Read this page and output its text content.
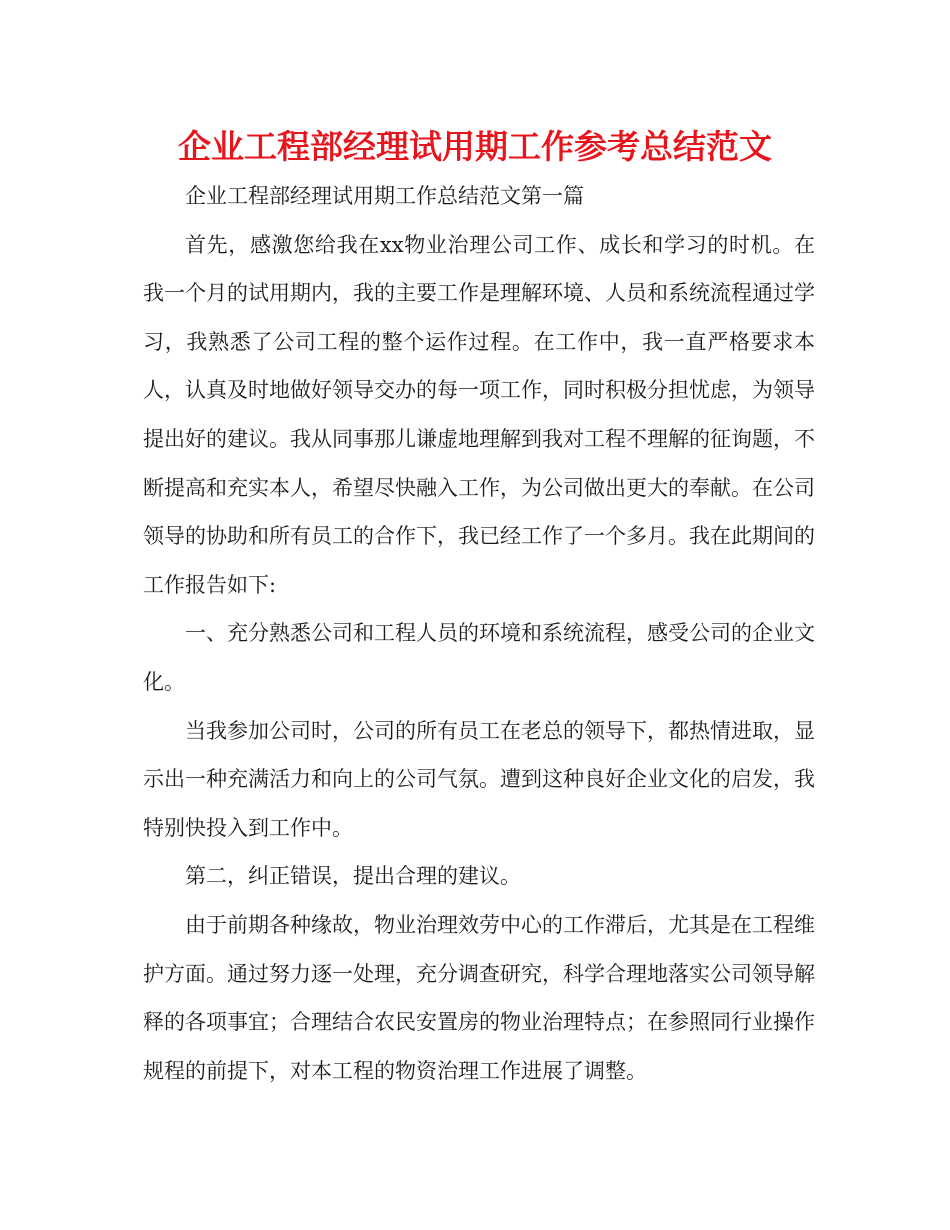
企业工程部经理试用期工作参考总结范文

企业工程部经理试用期工作总结范文第一篇

首先，感激您给我在xx物业治理公司工作、成长和学习的时机。在我一个月的试用期内，我的主要工作是理解环境、人员和系统流程通过学习，我熟悉了公司工程的整个运作过程。在工作中，我一直严格要求本人，认真及时地做好领导交办的每一项工作，同时积极分担忧虑，为领导提出好的建议。我从同事那儿谦虚地理解到我对工程不理解的征询题，不断提高和充实本人，希望尽快融入工作，为公司做出更大的奉献。在公司领导的协助和所有员工的合作下，我已经工作了一个多月。我在此期间的工作报告如下:

一、充分熟悉公司和工程人员的环境和系统流程，感受公司的企业文化。

当我参加公司时，公司的所有员工在老总的领导下，都热情进取，显示出一种充满活力和向上的公司气氛。遭到这种良好企业文化的启发，我特别快投入到工作中。

第二，纠正错误，提出合理的建议。

由于前期各种缘故，物业治理效劳中心的工作滞后，尤其是在工程维护方面。通过努力逐一处理，充分调查研究，科学合理地落实公司领导解释的各项事宜；合理结合农民安置房的物业治理特点；在参照同行业操作规程的前提下，对本工程的物资治理工作进展了调整。
